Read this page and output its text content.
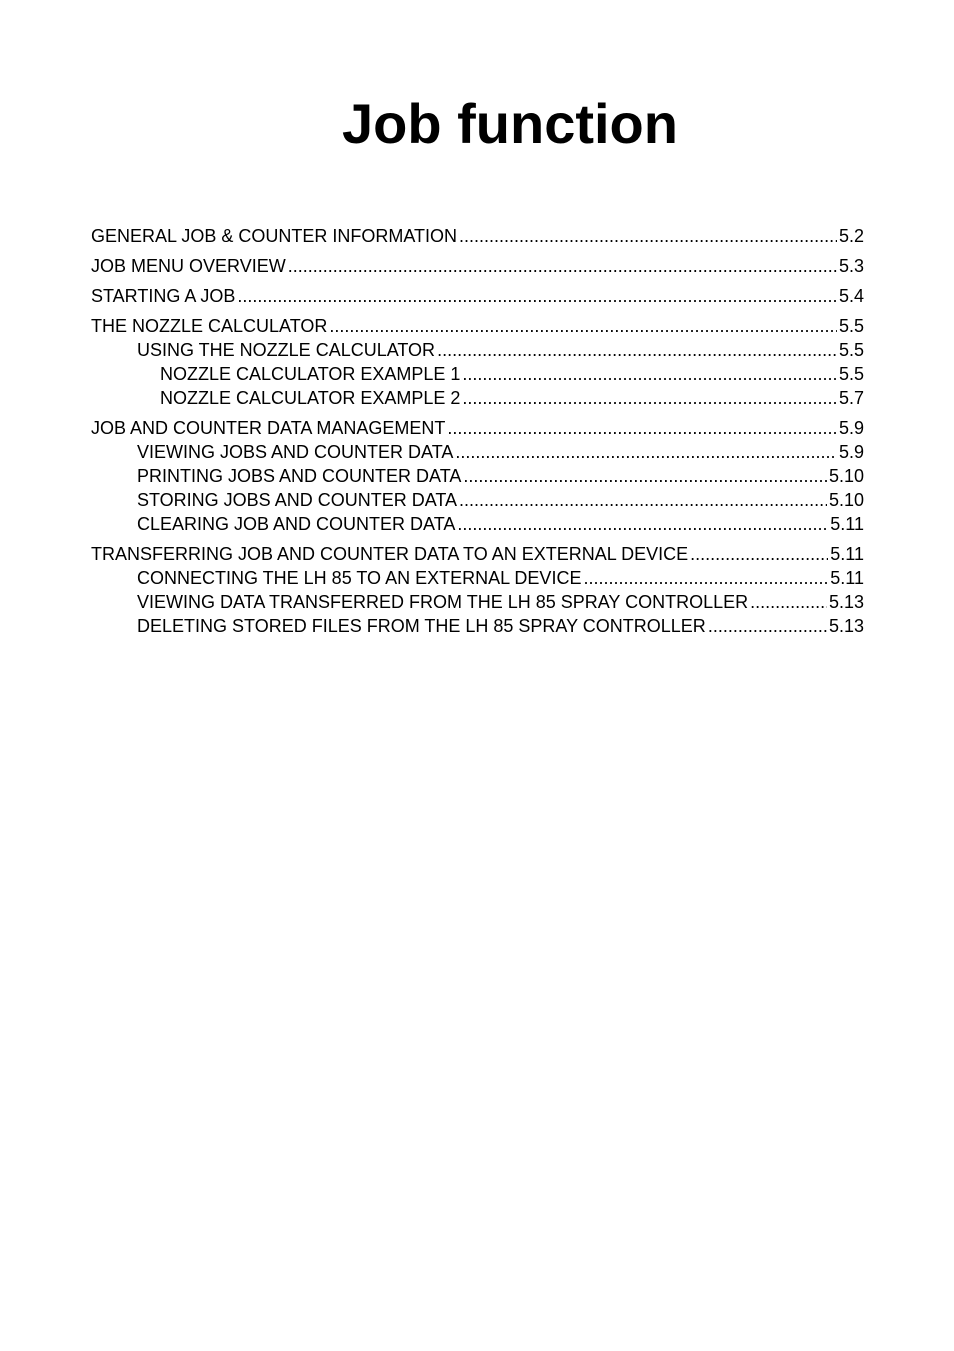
Job function
GENERAL JOB & COUNTER INFORMATION .....	5.2
JOB MENU OVERVIEW .....	5.3
STARTING A JOB .....	5.4
THE NOZZLE CALCULATOR .....	5.5
USING THE NOZZLE CALCULATOR .....	5.5
NOZZLE CALCULATOR EXAMPLE 1 .....	5.5
NOZZLE CALCULATOR EXAMPLE 2 .....	5.7
JOB AND COUNTER DATA MANAGEMENT .....	5.9
VIEWING JOBS AND COUNTER DATA .....	5.9
PRINTING JOBS AND COUNTER DATA .....	5.10
STORING JOBS AND COUNTER DATA .....	5.10
CLEARING JOB AND COUNTER DATA .....	5.11
TRANSFERRING JOB AND COUNTER DATA TO AN EXTERNAL DEVICE .....	5.11
CONNECTING THE LH 85 TO AN EXTERNAL DEVICE .....	5.11
VIEWING DATA TRANSFERRED FROM THE LH 85 SPRAY CONTROLLER .....	5.13
DELETING STORED FILES FROM THE LH 85 SPRAY CONTROLLER .....	5.13
